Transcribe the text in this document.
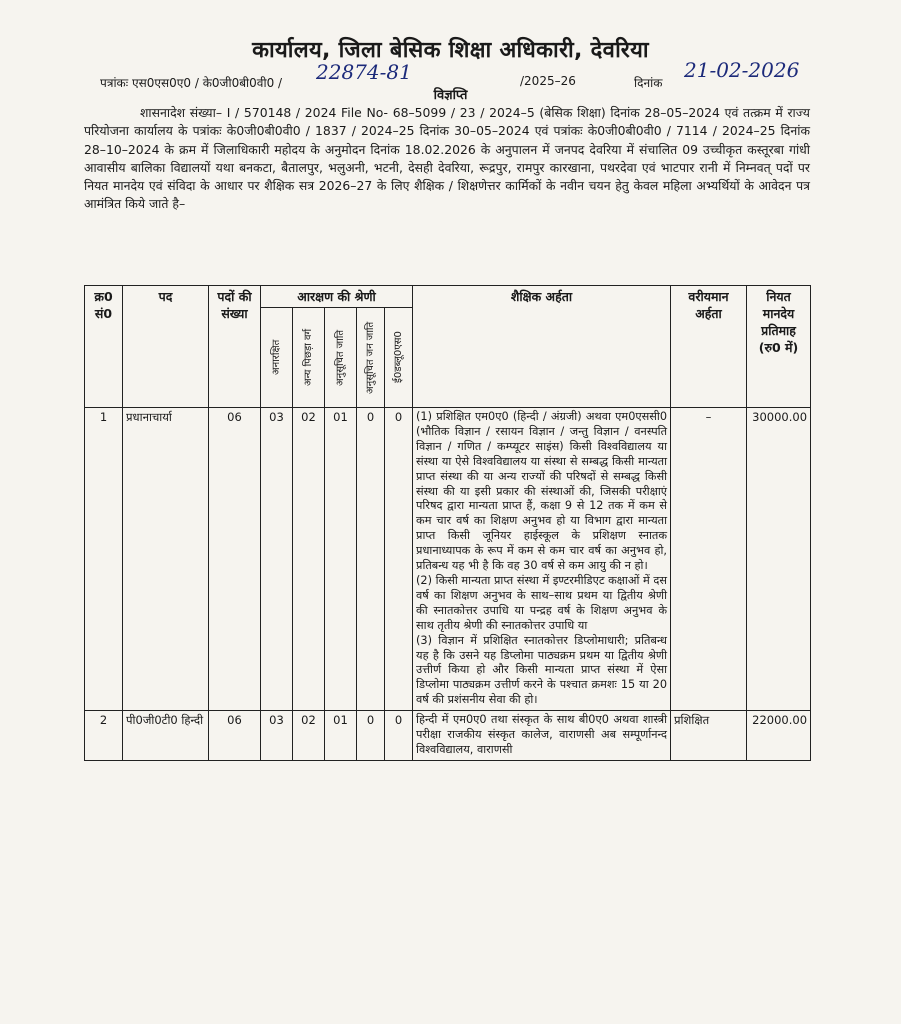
कार्यालय, जिला बेसिक शिक्षा अधिकारी, देवरिया
पत्रांकः एस0एस0ए0 / के0जी0बी0वी0 / 22874-81	/2025–26	दिनांक
21-02-2026
विज्ञप्ति
शासनादेश संख्या– I / 570148 / 2024 File No- 68–5099 / 23 / 2024–5 (बेसिक शिक्षा) दिनांक 28–05–2024 एवं तत्क्रम में राज्य परियोजना कार्यालय के पत्रांकः के0जी0बी0वी0 / 1837 / 2024–25 दिनांक 30–05–2024 एवं पत्रांकः के0जी0बी0वी0 / 7114 / 2024–25 दिनांक 28–10–2024 के क्रम में जिलाधिकारी महोदय के अनुमोदन दिनांक 18.02.2026 के अनुपालन में जनपद देवरिया में संचालित 09 उच्चीकृत कस्तूरबा गांधी आवासीय बालिका विद्यालयों यथा बनकटा, बैतालपुर, भलुअनी, भटनी, देसही देवरिया, रूद्रपुर, रामपुर कारखाना, पथरदेवा एवं भाटपार रानी में निम्नवत् पदों पर नियत मानदेय एवं संविदा के आधार पर शैक्षिक सत्र 2026–27 के लिए शैक्षिक / शिक्षणेत्तर कार्मिकों के नवीन चयन हेतु केवल महिला अभ्यर्थियों के आवेदन पत्र आमंत्रित किये जाते है–
क्र0 सं0	पद	पदों की संख्या	आरक्षण की श्रेणी					शैक्षिक अर्हता	वरीयमान अर्हता	नियत मानदेय प्रतिमाह (रु0 में)

			अनारक्षित	अन्य पिछड़ा वर्ग	अनुसूचित जाति	अनुसूचित जन जाति	ई0डब्लू0एस0			

1	प्रधानाचार्या	06	03	02	01	0	0	(1) प्रशिक्षित एम0ए0 (हिन्दी / अंग्रजी) अथवा एम0एससी0 (भौतिक विज्ञान / रसायन विज्ञान / जन्तु विज्ञान / वनस्पति विज्ञान / गणित / कम्प्यूटर साइंस) किसी विश्वविद्यालय या संस्था या ऐसे विश्वविद्यालय या संस्था से सम्बद्ध किसी मान्यता प्राप्त संस्था की या अन्य राज्यों की परिषदों से सम्बद्ध किसी संस्था की या इसी प्रकार की संस्थाओं की, जिसकी परीक्षाएं परिषद द्वारा मान्यता प्राप्त हैं, कक्षा 9 से 12 तक में कम से कम चार वर्ष का शिक्षण अनुभव हो या विभाग द्वारा मान्यता प्राप्त किसी जूनियर हाईस्कूल के प्रशिक्षण स्नातक प्रधानाध्यापक के रूप में कम से कम चार वर्ष का अनुभव हो, प्रतिबन्ध यह भी है कि वह 30 वर्ष से कम आयु की न हो।

(2) किसी मान्यता प्राप्त संस्था में इण्टरमीडिएट कक्षाओं में दस वर्ष का शिक्षण अनुभव के साथ–साथ प्रथम या द्वितीय श्रेणी की स्नातकोत्तर उपाधि या पन्द्रह वर्ष के शिक्षण अनुभव के साथ तृतीय श्रेणी की स्नातकोत्तर उपाधि या

(3) विज्ञान में प्रशिक्षित स्नातकोत्तर डिप्लोमाधारी; प्रतिबन्ध यह है कि उसने यह डिप्लोमा पाठ्यक्रम प्रथम या द्वितीय श्रेणी उत्तीर्ण किया हो और किसी मान्यता प्राप्त संस्था में ऐसा डिप्लोमा पाठ्यक्रम उत्तीर्ण करने के पश्चात क्रमशः 15 या 20 वर्ष की प्रशंसनीय सेवा की हो।	–	30000.00
2	पी0जी0टी0 हिन्दी	06	03	02	01	0	0	हिन्दी में एम0ए0 तथा संस्कृत के साथ बी0ए0 अथवा शास्त्री परीक्षा राजकीय संस्कृत कालेज, वाराणसी अब सम्पूर्णानन्द विश्वविद्यालय, वाराणसी	प्रशिक्षित	22000.00
